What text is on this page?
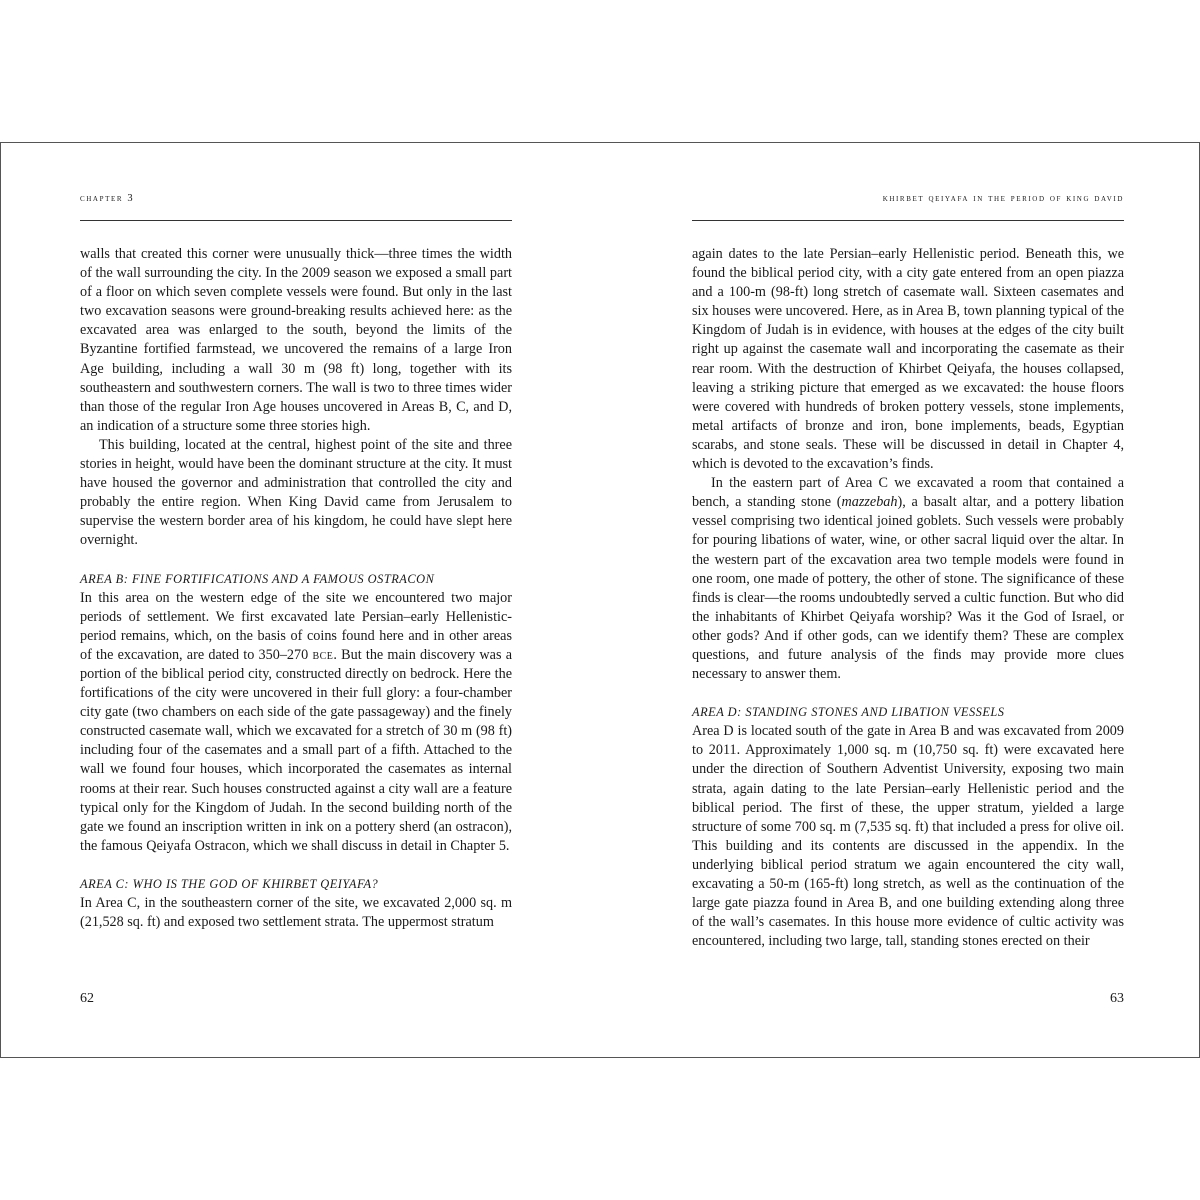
chapter 3

walls that created this corner were unusually thick—three times the width of the wall surrounding the city. In the 2009 season we exposed a small part of a floor on which seven complete vessels were found. But only in the last two excavation seasons were ground-breaking results achieved here: as the excavated area was enlarged to the south, beyond the limits of the Byzantine fortified farmstead, we uncovered the remains of a large Iron Age building, including a wall 30 m (98 ft) long, together with its southeastern and southwestern corners. The wall is two to three times wider than those of the regular Iron Age houses uncovered in Areas B, C, and D, an indication of a structure some three stories high.

This building, located at the central, highest point of the site and three stories in height, would have been the dominant structure at the city. It must have housed the governor and administration that controlled the city and probably the entire region. When King David came from Jerusalem to supervise the western border area of his kingdom, he could have slept here overnight.

AREA B: FINE FORTIFICATIONS AND A FAMOUS OSTRACON

In this area on the western edge of the site we encountered two major periods of settlement. We first excavated late Persian–early Hellenistic-period remains, which, on the basis of coins found here and in other areas of the excavation, are dated to 350–270 bce. But the main discovery was a portion of the biblical period city, constructed directly on bedrock. Here the fortifications of the city were uncovered in their full glory: a four-chamber city gate (two chambers on each side of the gate passageway) and the finely constructed casemate wall, which we excavated for a stretch of 30 m (98 ft) including four of the casemates and a small part of a fifth. Attached to the wall we found four houses, which incorporated the casemates as internal rooms at their rear. Such houses constructed against a city wall are a feature typical only for the Kingdom of Judah. In the second building north of the gate we found an inscription written in ink on a pottery sherd (an ostracon), the famous Qeiyafa Ostracon, which we shall discuss in detail in Chapter 5.

AREA C: WHO IS THE GOD OF KHIRBET QEIYAFA?

In Area C, in the southeastern corner of the site, we excavated 2,000 sq. m (21,528 sq. ft) and exposed two settlement strata. The uppermost stratum

62
khirbet qeiyafa in the period of king david

again dates to the late Persian–early Hellenistic period. Beneath this, we found the biblical period city, with a city gate entered from an open piazza and a 100-m (98-ft) long stretch of casemate wall. Sixteen casemates and six houses were uncovered. Here, as in Area B, town planning typical of the Kingdom of Judah is in evidence, with houses at the edges of the city built right up against the casemate wall and incorporating the casemate as their rear room. With the destruction of Khirbet Qeiyafa, the houses collapsed, leaving a striking picture that emerged as we excavated: the house floors were covered with hundreds of broken pottery vessels, stone implements, metal artifacts of bronze and iron, bone implements, beads, Egyptian scarabs, and stone seals. These will be discussed in detail in Chapter 4, which is devoted to the excavation’s finds.

In the eastern part of Area C we excavated a room that contained a bench, a standing stone (mazzebah), a basalt altar, and a pottery libation vessel comprising two identical joined goblets. Such vessels were probably for pouring libations of water, wine, or other sacral liquid over the altar. In the western part of the excavation area two temple models were found in one room, one made of pottery, the other of stone. The significance of these finds is clear—the rooms undoubtedly served a cultic function. But who did the inhabitants of Khirbet Qeiyafa worship? Was it the God of Israel, or other gods? And if other gods, can we identify them? These are complex questions, and future analysis of the finds may provide more clues necessary to answer them.

AREA D: STANDING STONES AND LIBATION VESSELS

Area D is located south of the gate in Area B and was excavated from 2009 to 2011. Approximately 1,000 sq. m (10,750 sq. ft) were excavated here under the direction of Southern Adventist University, exposing two main strata, again dating to the late Persian–early Hellenistic period and the biblical period. The first of these, the upper stratum, yielded a large structure of some 700 sq. m (7,535 sq. ft) that included a press for olive oil. This building and its contents are discussed in the appendix. In the underlying biblical period stratum we again encountered the city wall, excavating a 50-m (165-ft) long stretch, as well as the continuation of the large gate piazza found in Area B, and one building extending along three of the wall’s casemates. In this house more evidence of cultic activity was encountered, including two large, tall, standing stones erected on their

63
